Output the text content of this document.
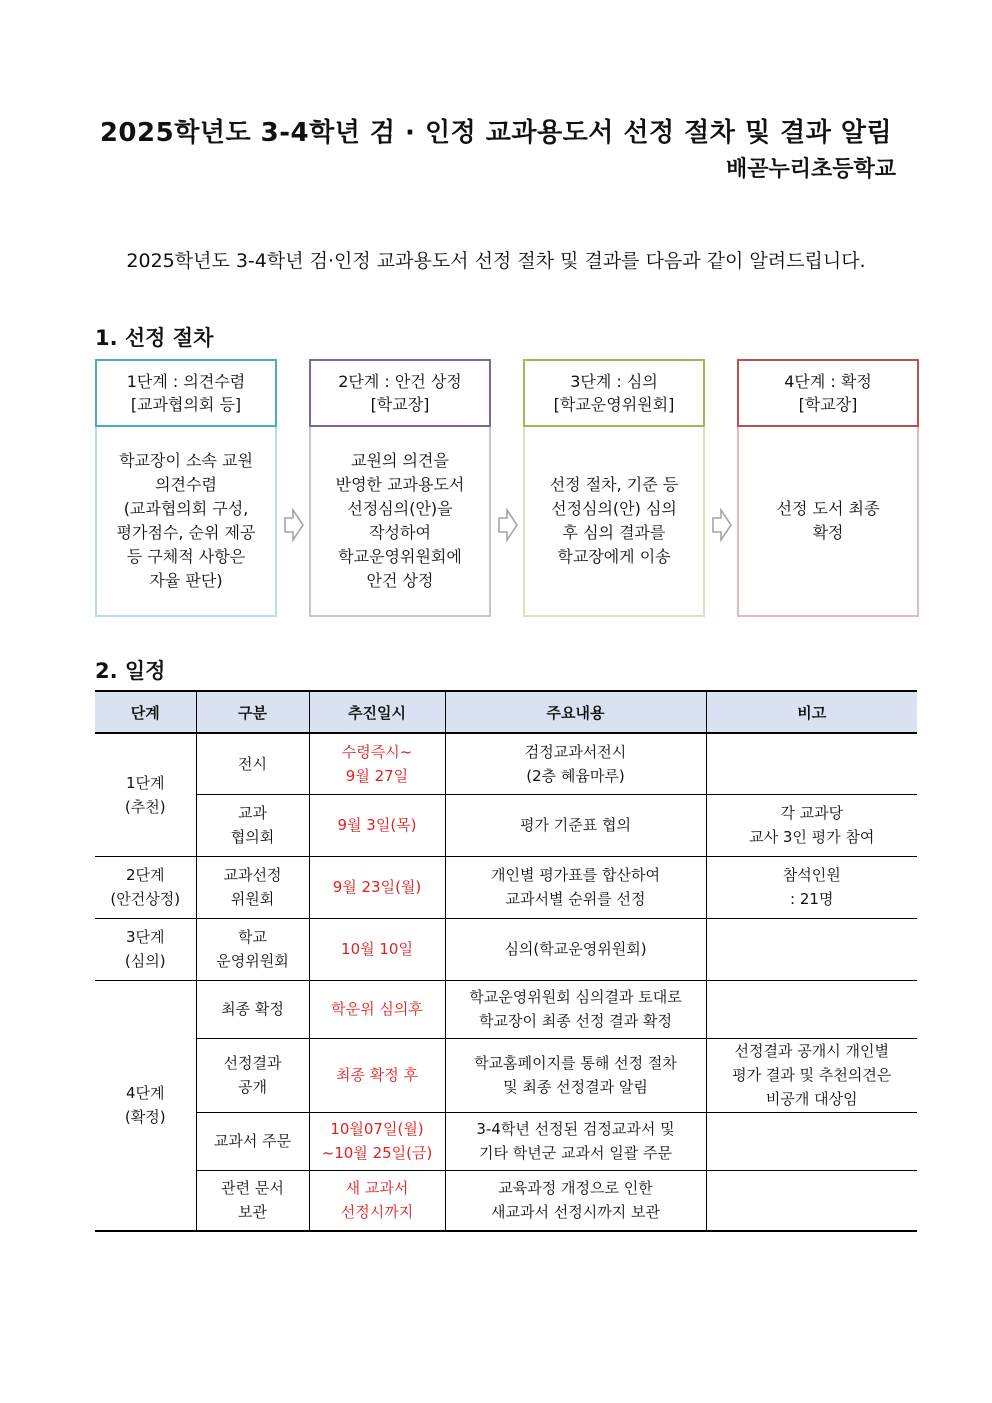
2025학년도 3-4학년 검 · 인정 교과용도서 선정 절차 및 결과 알림
배곧누리초등학교
2025학년도 3-4학년 검·인정 교과용도서 선정 절차 및 결과를 다음과 같이 알려드립니다.
1. 선정 절차
1단계 : 의견수렴
[교과협의회 등]
학교장이 소속 교원
의견수렴
(교과협의회 구성,
평가점수, 순위 제공
등 구체적 사항은
자율 판단)
2단계 : 안건 상정
[학교장]
교원의 의견을
반영한 교과용도서
선정심의(안)을
작성하여
학교운영위원회에
안건 상정
3단계 : 심의
[학교운영위원회]
선정 절차, 기준 등
선정심의(안) 심의
후 심의 결과를
학교장에게 이송
4단계 : 확정
[학교장]
선정 도서 최종
확정
2. 일정
단계	구분	추진일시	주요내용	비고

1단계
(추천)	전시	수령즉시~
9월 27일	검정교과서전시
(2층 혜윰마루)	

	교과
협의회	9월 3일(목)	평가 기준표 협의	각 교과당
교사 3인 평가 참여

2단계
(안건상정)	교과선정
위원회	9월 23일(월)	개인별 평가표를 합산하여
교과서별 순위를 선정	참석인원
: 21명

3단계
(심의)	학교
운영위원회	10월 10일	심의(학교운영위원회)	

4단계
(확정)	최종 확정	학운위 심의후	학교운영위원회 심의결과 토대로
학교장이 최종 선정 결과 확정	

	선정결과
공개	최종 확정 후	학교홈페이지를 통해 선정 절차
및 최종 선정결과 알림	선정결과 공개시 개인별
평가 결과 및 추천의견은
비공개 대상임

	교과서 주문	10월07일(월)
~10월 25일(금)	3-4학년 선정된 검정교과서 및
기타 학년군 교과서 일괄 주문	

	관련 문서
보관	새 교과서
선정시까지	교육과정 개정으로 인한
새교과서 선정시까지 보관	
